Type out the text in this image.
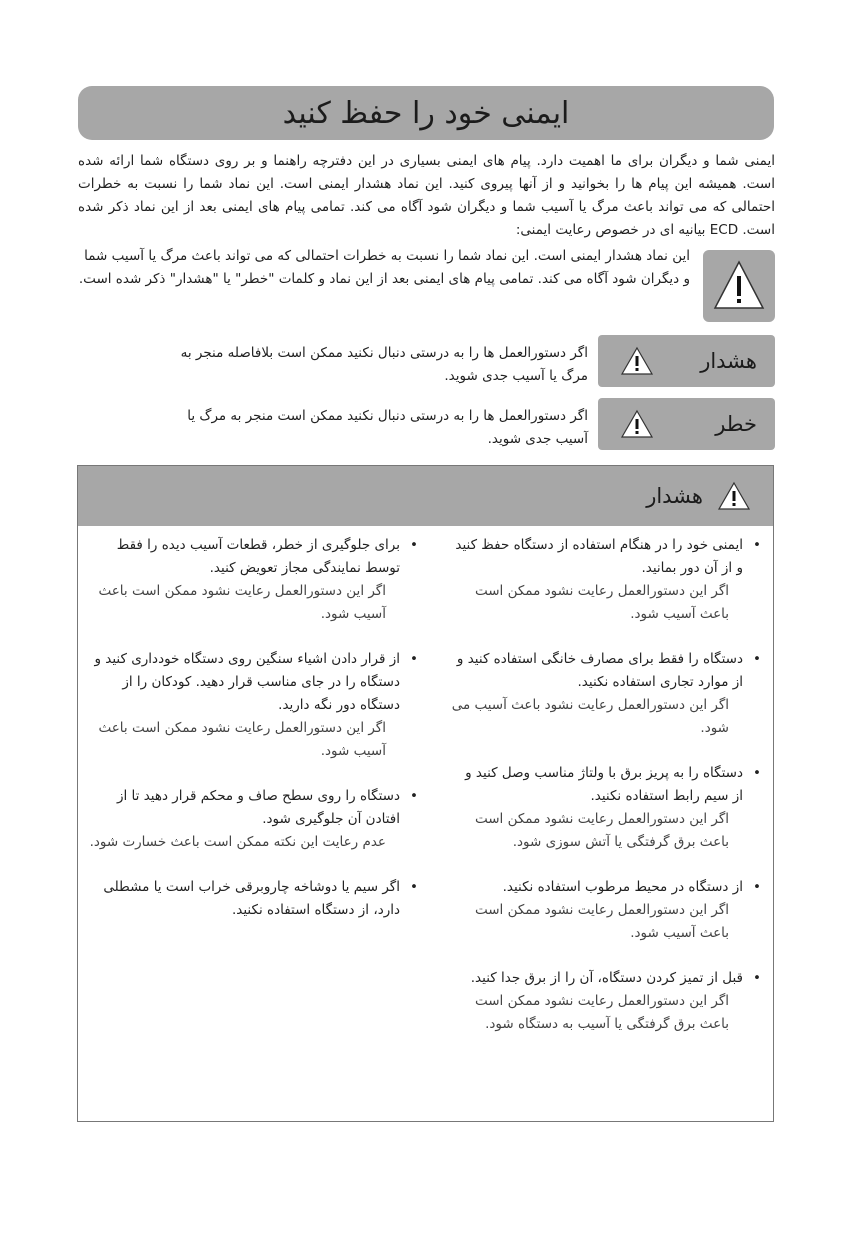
ایمنی خود را حفظ کنید
ایمنی شما و دیگران برای ما اهمیت دارد. پیام های ایمنی بسیاری در این دفترچه راهنما و بر روی دستگاه شما ارائه شده است. همیشه این پیام ها را بخوانید و از آنها پیروی کنید. این نماد هشدار ایمنی است. این نماد شما را نسبت به خطرات احتمالی که می تواند باعث مرگ یا آسیب شما و دیگران شود آگاه می کند. تمامی پیام های ایمنی بعد از این نماد ذکر شده است. ECD بیانیه ای در خصوص رعایت ایمنی:
این نماد هشدار ایمنی است. این نماد شما را نسبت به خطرات احتمالی که می تواند باعث مرگ یا آسیب شما و دیگران شود آگاه می کند. تمامی پیام های ایمنی بعد از این نماد و کلمات "خطر" یا "هشدار" ذکر شده است.
هشدار
اگر دستورالعمل ها را به درستی دنبال نکنید ممکن است بلافاصله منجر به مرگ یا آسیب جدی شوید.
خطر
اگر دستورالعمل ها را به درستی دنبال نکنید ممکن است منجر به مرگ یا آسیب جدی شوید.
هشدار
•
ایمنی خود را در هنگام استفاده از دستگاه حفظ کنید و از آن دور بمانید.
اگر این دستورالعمل رعایت نشود ممکن است باعث آسیب شود.
•
دستگاه را فقط برای مصارف خانگی استفاده کنید و از موارد تجاری استفاده نکنید.
اگر این دستورالعمل رعایت نشود باعث آسیب می شود.
•
دستگاه را به پریز برق با ولتاژ مناسب وصل کنید و از سیم رابط استفاده نکنید.
اگر این دستورالعمل رعایت نشود ممکن است باعث برق گرفتگی یا آتش سوزی شود.
•
از دستگاه در محیط مرطوب استفاده نکنید.
اگر این دستورالعمل رعایت نشود ممکن است باعث آسیب شود.
•
قبل از تمیز کردن دستگاه، آن را از برق جدا کنید.
اگر این دستورالعمل رعایت نشود ممکن است باعث برق گرفتگی یا آسیب به دستگاه شود.
•
برای جلوگیری از خطر، قطعات آسیب دیده را فقط توسط نمایندگی مجاز تعویض کنید.
اگر این دستورالعمل رعایت نشود ممکن است باعث آسیب شود.
•
از قرار دادن اشیاء سنگین روی دستگاه خودداری کنید و دستگاه را در جای مناسب قرار دهید. کودکان را از دستگاه دور نگه دارید.
اگر این دستورالعمل رعایت نشود ممکن است باعث آسیب شود.
•
دستگاه را روی سطح صاف و محکم قرار دهید تا از افتادن آن جلوگیری شود.
عدم رعایت این نکته ممکن است باعث خسارت شود.
•
اگر سیم یا دوشاخه چاروبرقی خراب است یا مشطلی دارد، از دستگاه استفاده نکنید.
